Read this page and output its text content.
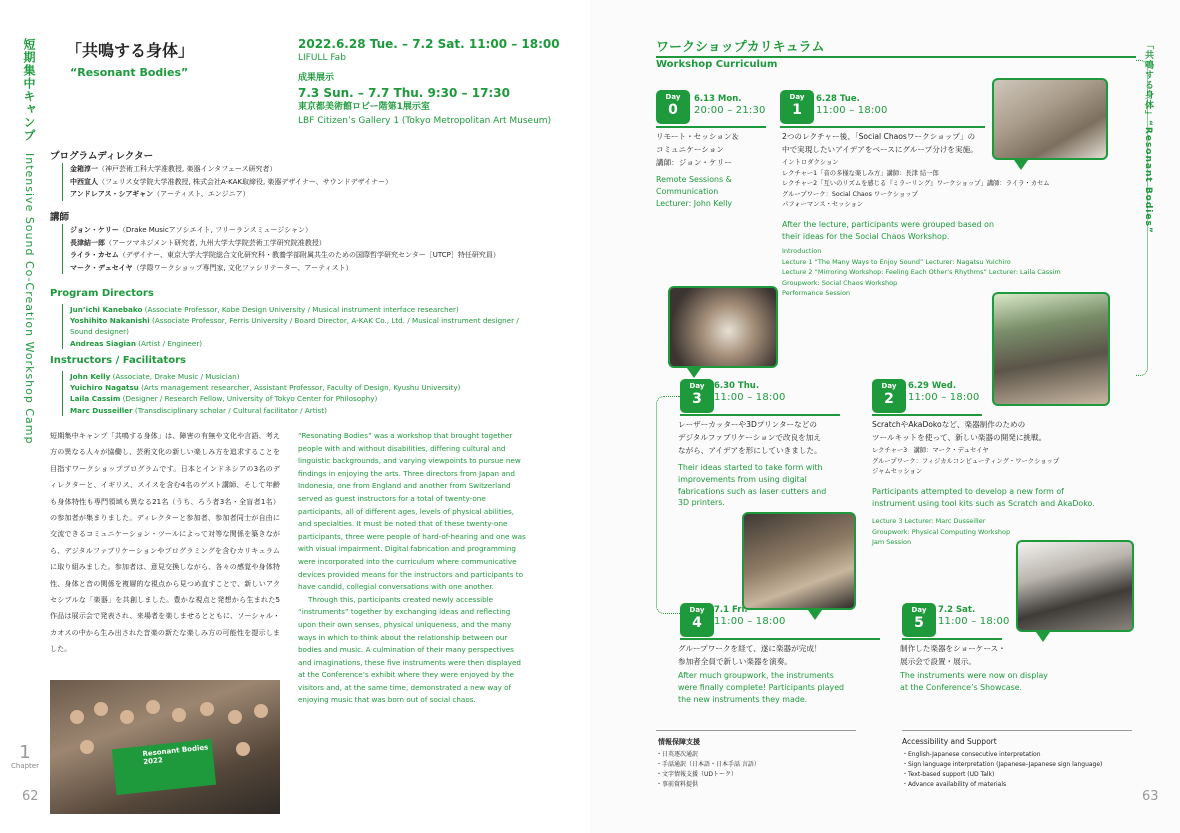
短期集中キャンプ Intensive Sound Co-Creation Workshop Camp
「共鳴する身体」
“Resonant Bodies”
2022.6.28 Tue. – 7.2 Sat. 11:00 – 18:00
LIFULL Fab
成果展示
7.3 Sun. – 7.7 Thu. 9:30 – 17:30
東京都美術館ロビー階第1展示室
LBF Citizen’s Gallery 1 (Tokyo Metropolitan Art Museum)
プログラムディレクター
金箱淳一（神戸芸術工科大学准教授, 楽器インタフェース研究者）
中西宣人（フェリス女学院大学准教授, 株式会社A-KAK取締役, 楽器デザイナー、サウンドデザイナー）
アンドレアス・シアギャン（アーティスト、エンジニア）
講師
ジョン・ケリー（Drake Musicアソシエイト, フリーランスミュージシャン）
長津結一郎（アーツマネジメント研究者, 九州大学大学院芸術工学研究院准教授）
ライラ・カセム（デザイナー、東京大学大学院総合文化研究科・教養学部附属共生のための国際哲学研究センター［UTCP］特任研究員）
マーク・デュセイヤ（学際ワークショップ専門家, 文化ファシリテーター、アーティスト）
Program Directors
Jun’ichi Kanebako (Associate Professor, Kobe Design University / Musical instrument interface researcher)
Yoshihito Nakanishi (Associate Professor, Ferris University / Board Director, A-KAK Co., Ltd. / Musical instrument designer / Sound designer)
Andreas Siagian (Artist / Engineer)
Instructors / Facilitators
John Kelly (Associate, Drake Music / Musician)
Yuichiro Nagatsu (Arts management researcher, Assistant Professor, Faculty of Design, Kyushu University)
Laila Cassim (Designer / Research Fellow, University of Tokyo Center for Philosophy)
Marc Dusseiller (Transdisciplinary scholar / Cultural facilitator / Artist)
短期集中キャンプ「共鳴する身体」は、障害の有無や文化や言語、考え方の異なる人々が協働し、芸術文化の新しい楽しみ方を追求することを目指すワークショッププログラムです。日本とインドネシアの3名のディレクターと、イギリス、スイスを含む4名のゲスト講師、そして年齢も身体特性も専門領域も異なる21名（うち、ろう者3名・全盲者1名）の参加者が集まりました。ディレクターと参加者、参加者同士が自由に交流できるコミュニケーション・ツールによって対等な関係を築きながら、デジタルファブリケーションやプログラミングを含むカリキュラムに取り組みました。参加者は、意見交換しながら、各々の感覚や身体特性、身体と音の関係を複層的な視点から見つめ直すことで、新しいアクセシブルな「楽器」を共創しました。豊かな視点と発想から生まれた5作品は展示会で発表され、来場者を楽しませるとともに、ソーシャル・カオスの中から生み出された音楽の新たな楽しみ方の可能性を提示しました。

“Resonating Bodies” was a workshop that brought together people with and without disabilities, differing cultural and linguistic backgrounds, and varying viewpoints to pursue new findings in enjoying the arts. Three directors from Japan and Indonesia, one from England and another from Switzerland served as guest instructors for a total of twenty-one participants, all of different ages, levels of physical abilities, and specialties. It must be noted that of these twenty-one participants, three were people of hard-of-hearing and one was with visual impairment. Digital fabrication and programming were incorporated into the curriculum where communicative devices provided means for the instructors and participants to have candid, collegial conversations with one another.

Through this, participants created newly accessible “instruments” together by exchanging ideas and reflecting upon their own senses, physical uniqueness, and the many ways in which to think about the relationship between our bodies and music. A culmination of their many perspectives and imaginations, these five instruments were then displayed at the Conference’s exhibit where they were enjoyed by the visitors and, at the same time, demonstrated a new way of enjoying music that was born out of social chaos.

Resonant Bodies 2022
1
Chapter
62
ワークショップカリキュラム
Workshop Curriculum	「共鳴する身体」“Resonant Bodies”
Day
0
6.13 Mon.
20:00 – 21:30
リモート・セッション＆
コミュニケーション
講師：ジョン・ケリー
Remote Sessions &
Communication
Lecturer: John Kelly
Day
1
6.28 Tue.
11:00 – 18:00
2つのレクチャー後、「Social Chaosワークショップ」の
中で実現したいアイデアをベースにグループ分けを実施。
イントロダクション
レクチャー1「音の多様な楽しみ方」講師：長津 結一郎
レクチャー2「互いのリズムを感じる『ミラーリング』ワークショップ」講師：ライラ・カセム
グループワーク：Social Chaos ワークショップ
パフォーマンス・セッション
After the lecture, participants were grouped based on
their ideas for the Social Chaos Workshop.
Introduction
Lecture 1 “The Many Ways to Enjoy Sound” Lecturer: Nagatsu Yuichiro
Lecture 2 “Mirroring Workshop: Feeling Each Other’s Rhythms” Lecturer: Laila Cassim
Groupwork: Social Chaos Workshop
Performance Session
Day
3
6.30 Thu.
11:00 – 18:00
レーザーカッターや3Dプリンターなどの
デジタルファブリケーションで改良を加え
ながら、アイデアを形にしていきました。
Their ideas started to take form with
improvements from using digital
fabrications such as laser cutters and
3D printers.
Day
2
6.29 Wed.
11:00 – 18:00
ScratchやAkaDokoなど、楽器制作のための
ツールキットを使って、新しい楽器の開発に挑戦。
レクチャー3　講師：マーク・デュセイヤ
グループワーク：フィジカルコンピューティング・ワークショップ
ジャムセッション
Participants attempted to develop a new form of
instrument using tool kits such as Scratch and AkaDoko.
Lecture 3 Lecturer: Marc Dusseiller
Groupwork: Physical Computing Workshop
Jam Session
Day
4
7.1 Fri.
11:00 – 18:00
グループワークを経て、遂に楽器が完成！
参加者全員で新しい楽器を演奏。
After much groupwork, the instruments
were finally complete! Participants played
the new instruments they made.
Day
5
7.2 Sat.
11:00 – 18:00
制作した楽器をショーケース・
展示会で設置・展示。
The instruments were now on display
at the Conference’s Showcase.
情報保障支援
・日英逐次通訳
・手話通訳（日本語・日本手話 言語）
・文字情報支援（UDトーク）
・事前資料提供
Accessibility and Support
・English-Japanese consecutive interpretation
・Sign language interpretation (Japanese–Japanese sign language)
・Text-based support (UD Talk)
・Advance availability of materials
63
